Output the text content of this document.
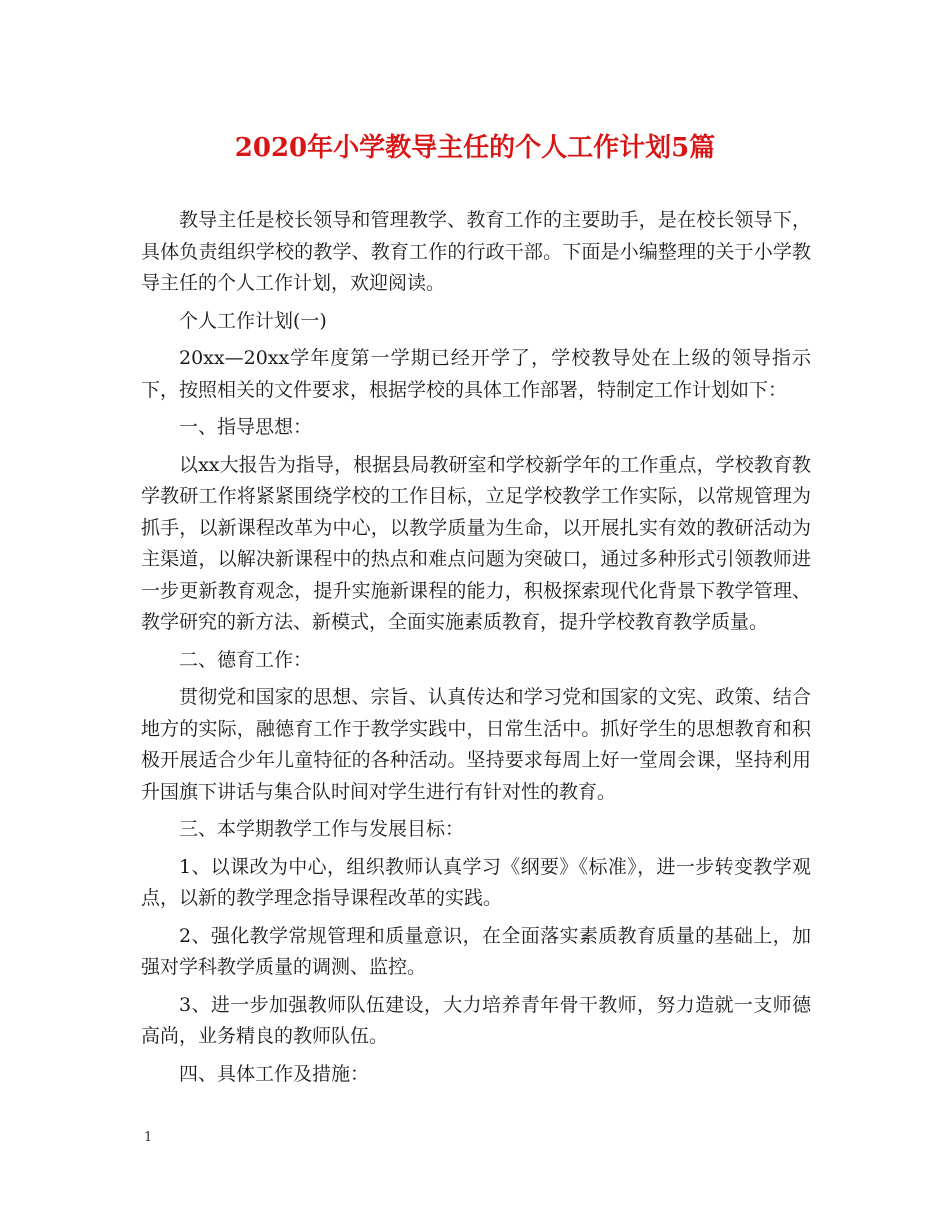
2020年小学教导主任的个人工作计划5篇

教导主任是校长领导和管理教学、教育工作的主要助手，是在校长领导下，具体负责组织学校的教学、教育工作的行政干部。下面是小编整理的关于小学教导主任的个人工作计划，欢迎阅读。

个人工作计划(一)

20xx—20xx学年度第一学期已经开学了，学校教导处在上级的领导指示下，按照相关的文件要求，根据学校的具体工作部署，特制定工作计划如下：

一、指导思想：

以xx大报告为指导，根据县局教研室和学校新学年的工作重点，学校教育教学教研工作将紧紧围绕学校的工作目标，立足学校教学工作实际，以常规管理为抓手，以新课程改革为中心，以教学质量为生命，以开展扎实有效的教研活动为主渠道，以解决新课程中的热点和难点问题为突破口，通过多种形式引领教师进一步更新教育观念，提升实施新课程的能力，积极探索现代化背景下教学管理、教学研究的新方法、新模式，全面实施素质教育，提升学校教育教学质量。

二、德育工作：

贯彻党和国家的思想、宗旨、认真传达和学习党和国家的文宪、政策、结合地方的实际，融德育工作于教学实践中，日常生活中。抓好学生的思想教育和积极开展适合少年儿童特征的各种活动。坚持要求每周上好一堂周会课，坚持利用升国旗下讲话与集合队时间对学生进行有针对性的教育。

三、本学期教学工作与发展目标：

1、以课改为中心，组织教师认真学习《纲要》《标准》，进一步转变教学观点，以新的教学理念指导课程改革的实践。

2、强化教学常规管理和质量意识，在全面落实素质教育质量的基础上，加强对学科教学质量的调测、监控。

3、进一步加强教师队伍建设，大力培养青年骨干教师，努力造就一支师德高尚，业务精良的教师队伍。

四、具体工作及措施：

1
